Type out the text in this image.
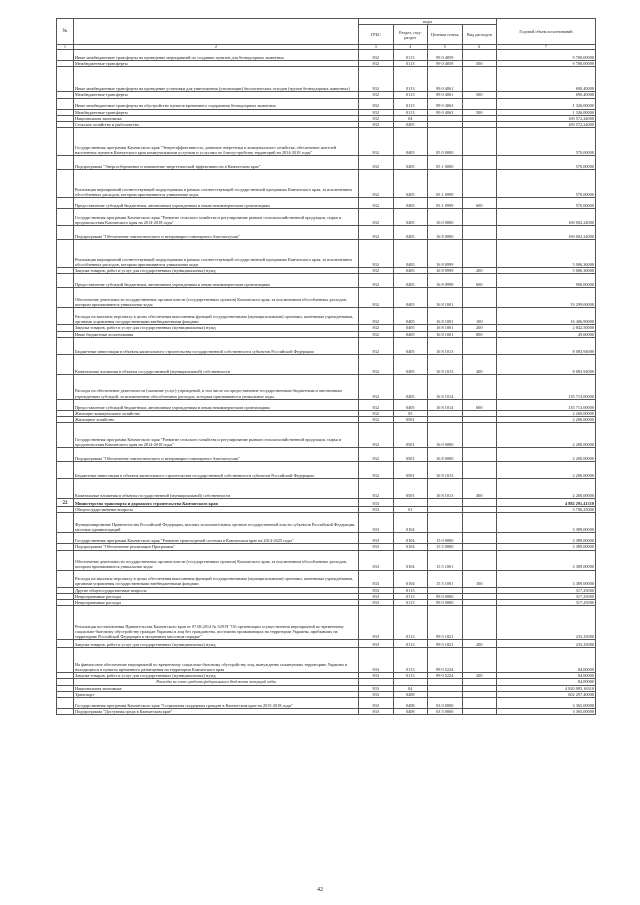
№		коды				Годовой объем ассигнований
		ГРБС	Раздел, под-раздел	Целевая статья	Вид расходов	
1	2	3	4	5	6	7
	Иные межбюджетные трансферты на проведение мероприятий по созданию пунктов для безнадзорных животных	832	0113	99 0 4059		9 700,00000
	Межбюджетные трансферты	832	0113	99 0 4059	500	9 700,00000
	Иные межбюджетные трансферты на проведение установки для уничтожения (утилизации) биологических отходов (трупов безнадзорных животных)	832	0113	99 0 4061		690,40000
	Межбюджетные трансферты	832	0113	99 0 4061	500	690,40000
	Иные межбюджетные трансферты на обустройство пунктов временного содержания безнадзорных животных	832	0113	99 0 4063		1 326,00000
	Межбюджетные трансферты	832	0113	99 0 4063	500	1 326,00000
	Национальная экономика	832	04			169 572,24000
	Сельское хозяйство и рыболовство	832	0405			169 572,24000
	Государственная программа Камчатского края "Энергоэффективность, развитие энергетики и коммунального хозяйства, обеспечение жителей населенных пунктов Камчатского края коммунальными услугами и услугами по благоустройству территорий на 2014-2018 годы"	832	0405	05 0 0000		570,00000
	Подпрограмма "Энергосбережение и повышение энергетической эффективности в Камчатском крае"	832	0405	05 1 0000		570,00000
	Реализация мероприятий соответствующей подпрограммы в рамках соответствующей государственной программы Камчатского края, за исключением обособленных расходов, которым присваиваются уникальные коды	832	0405	05 1 0999		570,00000
	Предоставление субсидий бюджетным, автономным учреждениям и иным некоммерческим организациям	832	0405	05 1 0999	600	570,00000
	Государственная программа Камчатского края "Развитие сельского хозяйства и регулирование рынков сельскохозяйственной продукции, сырья и продовольствия Камчатского края на 2014-2018 годы"	832	0405	16 0 0000		169 002,24000
	Подпрограмма "Обеспечение эпизоотического и ветеринарно-санитарного благополучия"	832	0405	16 8 0000		169 002,24000
	Реализация мероприятий соответствующей подпрограммы в рамках соответствующей государственной программы Камчатского края, за исключением обособленных расходов, которым присваиваются уникальные коды	832	0405	16 8 0999		5 906,30000
	Закупка товаров, работ и услуг для государственных (муниципальных) нужд	832	0405	16 8 0999	200	5 006,30000
	Предоставление субсидий бюджетным, автономным учреждениям и иным некоммерческим организациям	832	0405	16 8 0999	600	900,00000
	Обеспечение деятельности государственных органов власти (государственных органов) Камчатского края, за исключением обособленных расходов, которым присваиваются уникальные коды	832	0405	16 8 1001		19 299,00000
	Расходы на выплаты персоналу в целях обеспечения выполнения функций государственными (муниципальными) органами, казенными учреждениями, органами управления государственными внебюджетными фондами	832	0405	16 8 1001	100	16 406,90000
	Закупка товаров, работ и услуг для государственных (муниципальных) нужд	832	0405	16 8 1001	200	2 842,50000
	Иные бюджетные ассигнования	832	0405	16 8 1001	800	49,60000
	Бюджетные инвестиции в объекты капитального строительства государственной собственности субъектов Российской Федерации	832	0405	16 8 1013		8 083,94000
	Капитальные вложения в объекты государственной (муниципальной) собственности	832	0405	16 8 1013	400	8 083,94000
	Расходы на обеспечение деятельности (оказание услуг) учреждений, в том числе на предоставление государственным бюджетным и автономным учреждениям субсидий, за исключением обособленных расходов, которым присваиваются уникальные коды	832	0405	16 8 1014		135 713,00000
	Предоставление субсидий бюджетным, автономным учреждениям и иным некоммерческим организациям	832	0405	16 8 1014	600	135 713,00000
	Жилищно-коммунальное хозяйство	832	05			2 200,00000
	Жилищное хозяйство	832	0501			2 200,00000
	Государственная программа Камчатского края "Развитие сельского хозяйства и регулирование рынков сельскохозяйственной продукции, сырья и продовольствия Камчатского края на 2014-2018 годы"	832	0501	16 0 0000		2 200,00000
	Подпрограмма "Обеспечение эпизоотического и ветеринарно-санитарного благополучия"	832	0501	16 8 0000		2 200,00000
	Бюджетные инвестиции в объекты капитального строительства государственной собственности субъектов Российской Федерации	832	0501	16 8 1013		2 200,00000
	Капитальные вложения в объекты государственной (муниципальной) собственности	832	0501	16 8 1013	400	2 200,00000
22	Министерство транспорта и дорожного строительства Камчатского края	833				4 882 291,41310
	Общегосударственные вопросы	833	01			3 706,25000
	Функционирование Правительства Российской Федерации, высших исполнительных органов государственной власти субъектов Российской Федерации, местных администраций	833	0104			3 389,00000
	Государственная программа Камчатского края "Развитие транспортной системы в Камчатском крае на 2014-2025 годы"	833	0104	15 0 0000		3 389,00000
	Подпрограмма "Обеспечение реализации Программы"	833	0104	15 5 0000		3 389,00000
	Обеспечение деятельности государственных органов власти (государственных органов) Камчатского края, за исключением обособленных расходов, которым присваиваются уникальные коды	833	0104	15 5 1001		3 389,00000
	Расходы на выплаты персоналу в целях обеспечения выполнения функций государственными (муниципальными) органами, казенными учреждениями, органами управления государственными внебюджетными фондами	833	0104	15 5 1001	100	3 389,00000
	Другие общегосударственные вопросы	833	0113			317,25000
	Непрограммные расходы	833	0113	99 0 0000		317,25000
	Непрограммные расходы	833	0113	99 0 0000		317,25000
	Реализация постановления Правительства Камчатского края от 07.08.2014 № 329-П "Об организации осуществления мероприятий по временному социально-бытовому обустройству граждан Украины и лиц без гражданства, постоянно проживающих на территории Украины, прибывших на территорию Российской Федерации в экстренном массовом порядке"	833	0113	99 0 1021		233,25000
	Закупка товаров, работ и услуг для государственных (муниципальных) нужд	833	0113	99 0 1021	200	233,25000
	На финансовое обеспечение мероприятий по временному социально-бытовому обустройству лиц, вынужденно покинувших территорию Украины и находящихся в пунктах временного размещения на территории Камчатского края	833	0113	99 0 5224		84,00000
	Закупка товаров, работ и услуг для государственных (муниципальных) нужд	833	0113	99 0 5224	200	84,00000
	Расходы за счет средств федерального бюджета текущий годы					84,00000
	Национальная экономика	833	04			4 820 985,16310
	Транспорт	833	0408			602 297,40000
	Государственная программа Камчатского края "Социальная поддержка граждан в Камчатском крае на 2015-2018 годы"	833	0408	03 0 0000		3 365,00000
	Подпрограмма "Доступная среда в Камчатском крае"	833	0408	03 3 0000		3 365,00000
42
